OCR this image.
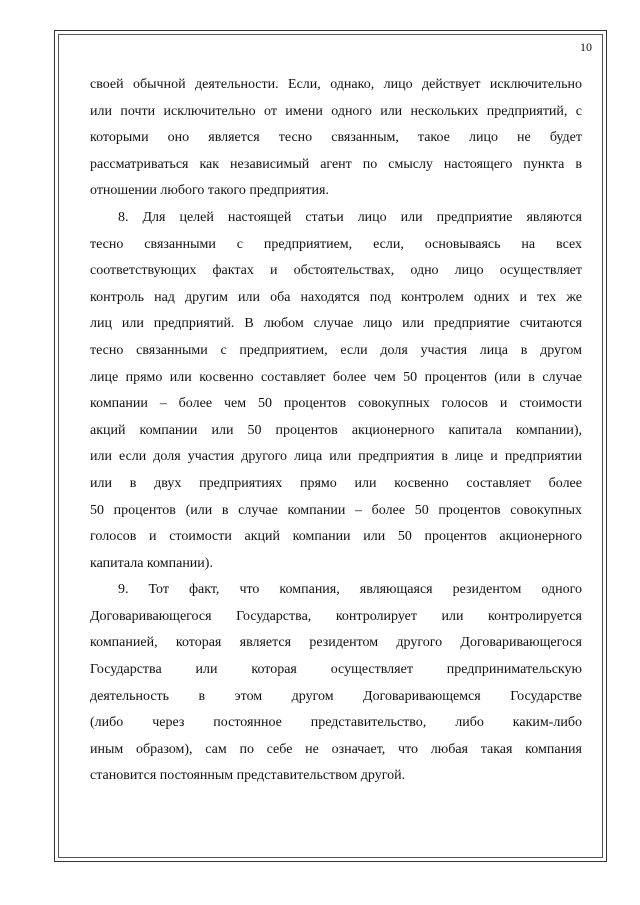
10
своей обычной деятельности. Если, однако, лицо действует исключительно
или почти исключительно от имени одного или нескольких предприятий, с
которыми оно является тесно связанным, такое лицо не будет
рассматриваться как независимый агент по смыслу настоящего пункта в
отношении любого такого предприятия.
8. Для целей настоящей статьи лицо или предприятие являются
тесно связанными с предприятием, если, основываясь на всех
соответствующих фактах и обстоятельствах, одно лицо осуществляет
контроль над другим или оба находятся под контролем одних и тех же
лиц или предприятий. В любом случае лицо или предприятие считаются
тесно связанными с предприятием, если доля участия лица в другом
лице прямо или косвенно составляет более чем 50 процентов (или в случае
компании – более чем 50 процентов совокупных голосов и стоимости
акций компании или 50 процентов акционерного капитала компании),
или если доля участия другого лица или предприятия в лице и предприятии
или в двух предприятиях прямо или косвенно составляет более
50 процентов (или в случае компании – более 50 процентов совокупных
голосов и стоимости акций компании или 50 процентов акционерного
капитала компании).
9. Тот факт, что компания, являющаяся резидентом одного
Договаривающегося Государства, контролирует или контролируется
компанией, которая является резидентом другого Договаривающегося
Государства или которая осуществляет предпринимательскую
деятельность в этом другом Договаривающемся Государстве
(либо через постоянное представительство, либо каким-либо
иным образом), сам по себе не означает, что любая такая компания
становится постоянным представительством другой.
